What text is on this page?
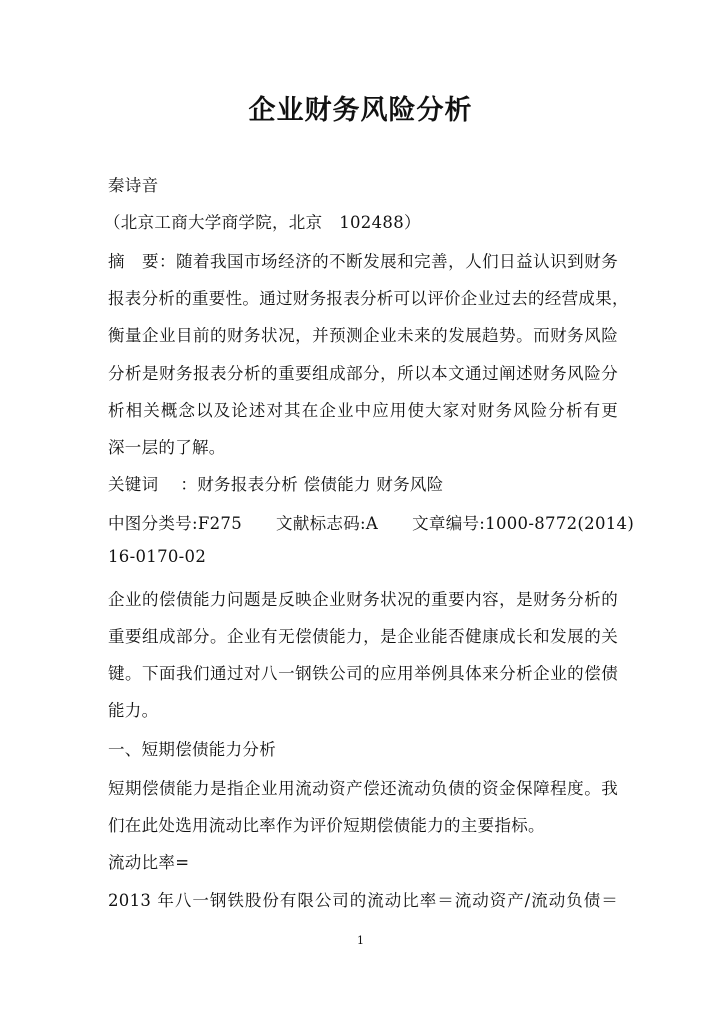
企业财务风险分析
秦诗音
（北京工商大学商学院，北京　102488）
摘　要：随着我国市场经济的不断发展和完善，人们日益认识到财务
报表分析的重要性。通过财务报表分析可以评价企业过去的经营成果，
衡量企业目前的财务状况，并预测企业未来的发展趋势。而财务风险
分析是财务报表分析的重要组成部分，所以本文通过阐述财务风险分
析相关概念以及论述对其在企业中应用使大家对财务风险分析有更
深一层的了解。
关键词 ：财务报表分析 偿债能力 财务风险
中图分类号:F275 文献标志码:A 文章编号:1000-8772(2014)
16-0170-02
企业的偿债能力问题是反映企业财务状况的重要内容，是财务分析的
重要组成部分。企业有无偿债能力，是企业能否健康成长和发展的关
键。下面我们通过对八一钢铁公司的应用举例具体来分析企业的偿债
能力。
一、短期偿债能力分析
短期偿债能力是指企业用流动资产偿还流动负债的资金保障程度。我
们在此处选用流动比率作为评价短期偿债能力的主要指标。
流动比率=
2013 年八一钢铁股份有限公司的流动比率＝流动资产/流动负债＝
1
